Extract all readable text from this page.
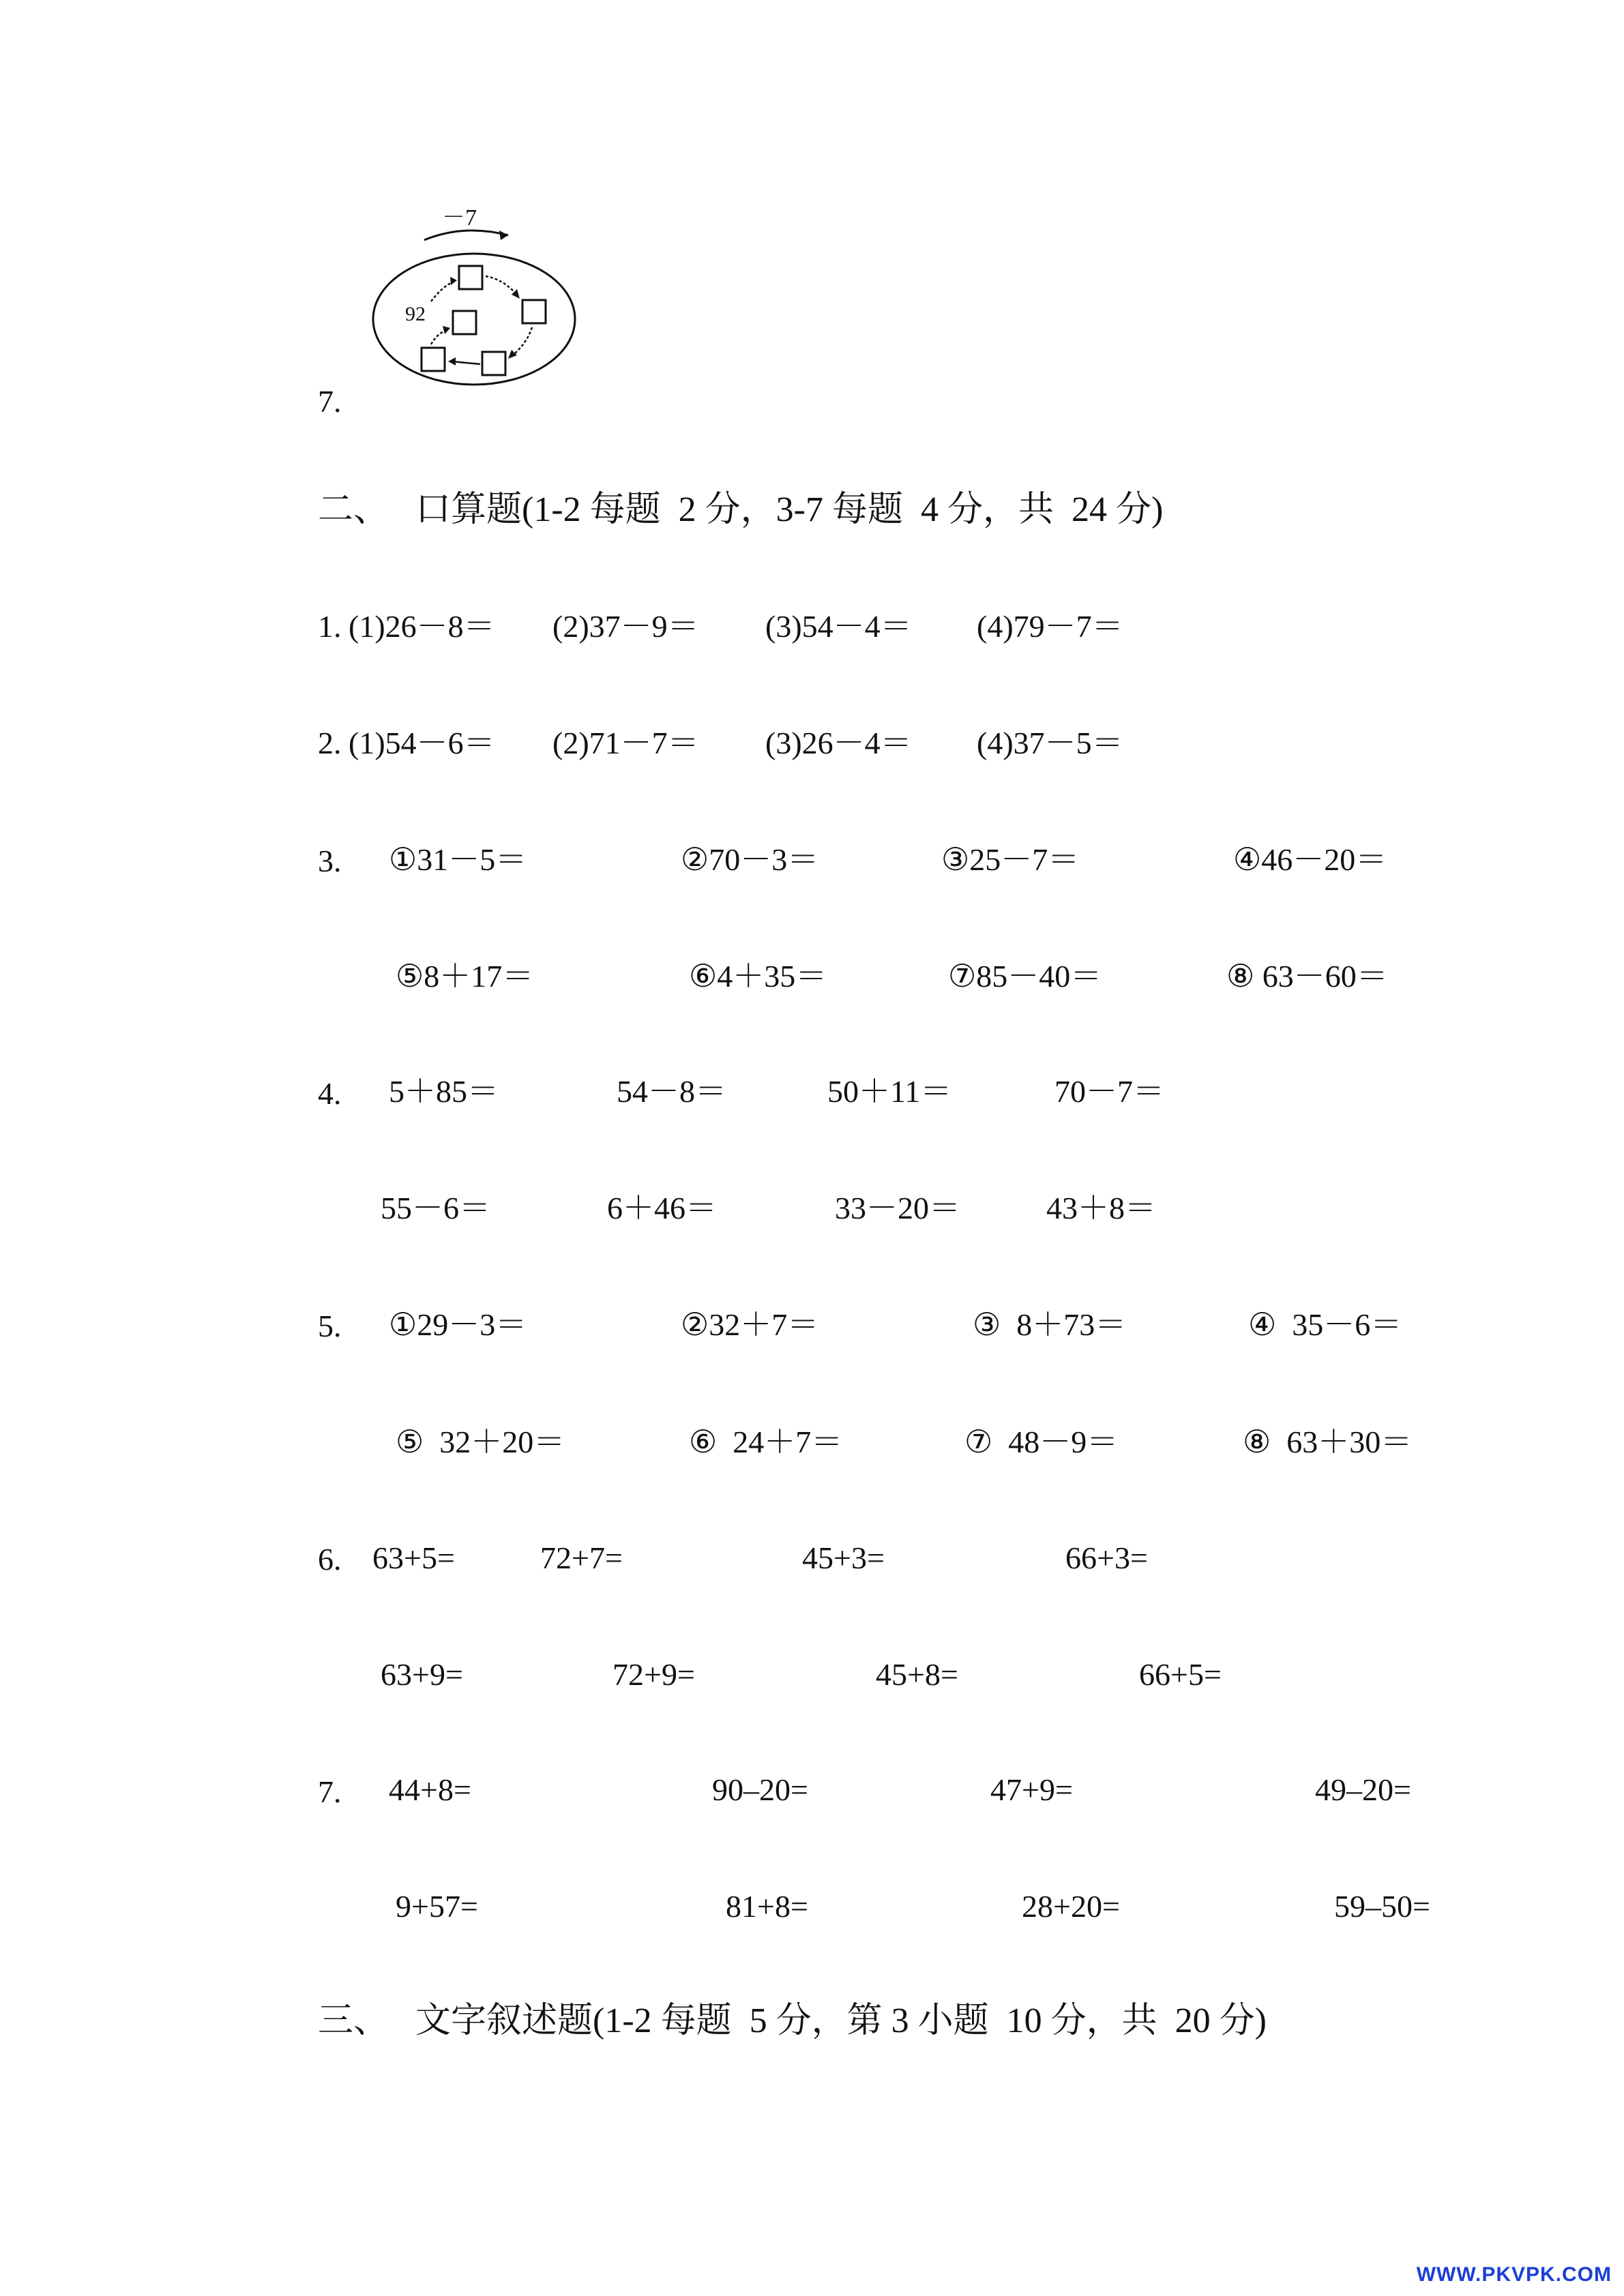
7.
－7
92
二、   口算题(1-2 每题  2 分，3-7 每题  4 分，共  24 分)
1. (1)26－8＝ (2)37－9＝ (3)54－4＝ (4)79－7＝
2. (1)54－6＝ (2)71－7＝ (3)26－4＝ (4)37－5＝
3. ①31－5＝	②70－3＝	③25－7＝	④46－20＝
⑤8＋17＝	⑥4＋35＝	⑦85－40＝	⑧ 63－60＝
4. 5＋85＝	54－8＝	50＋11＝	70－7＝
55－6＝	6＋46＝	33－20＝	43＋8＝
5. ①29－3＝	②32＋7＝	③  8＋73＝	④  35－6＝
⑤  32＋20＝	⑥  24＋7＝	⑦  48－9＝	⑧  63＋30＝
6. 63+5=	72+7=	45+3=	66+3=
63+9=	72+9=	45+8=	66+5=
7. 44+8=	90–20=	47+9=	49–20=
9+57=	81+8=	28+20=	59–50=
三、   文字叙述题(1-2 每题  5 分，第 3 小题  10 分，共  20 分)
WWW.PKVPK.COM
